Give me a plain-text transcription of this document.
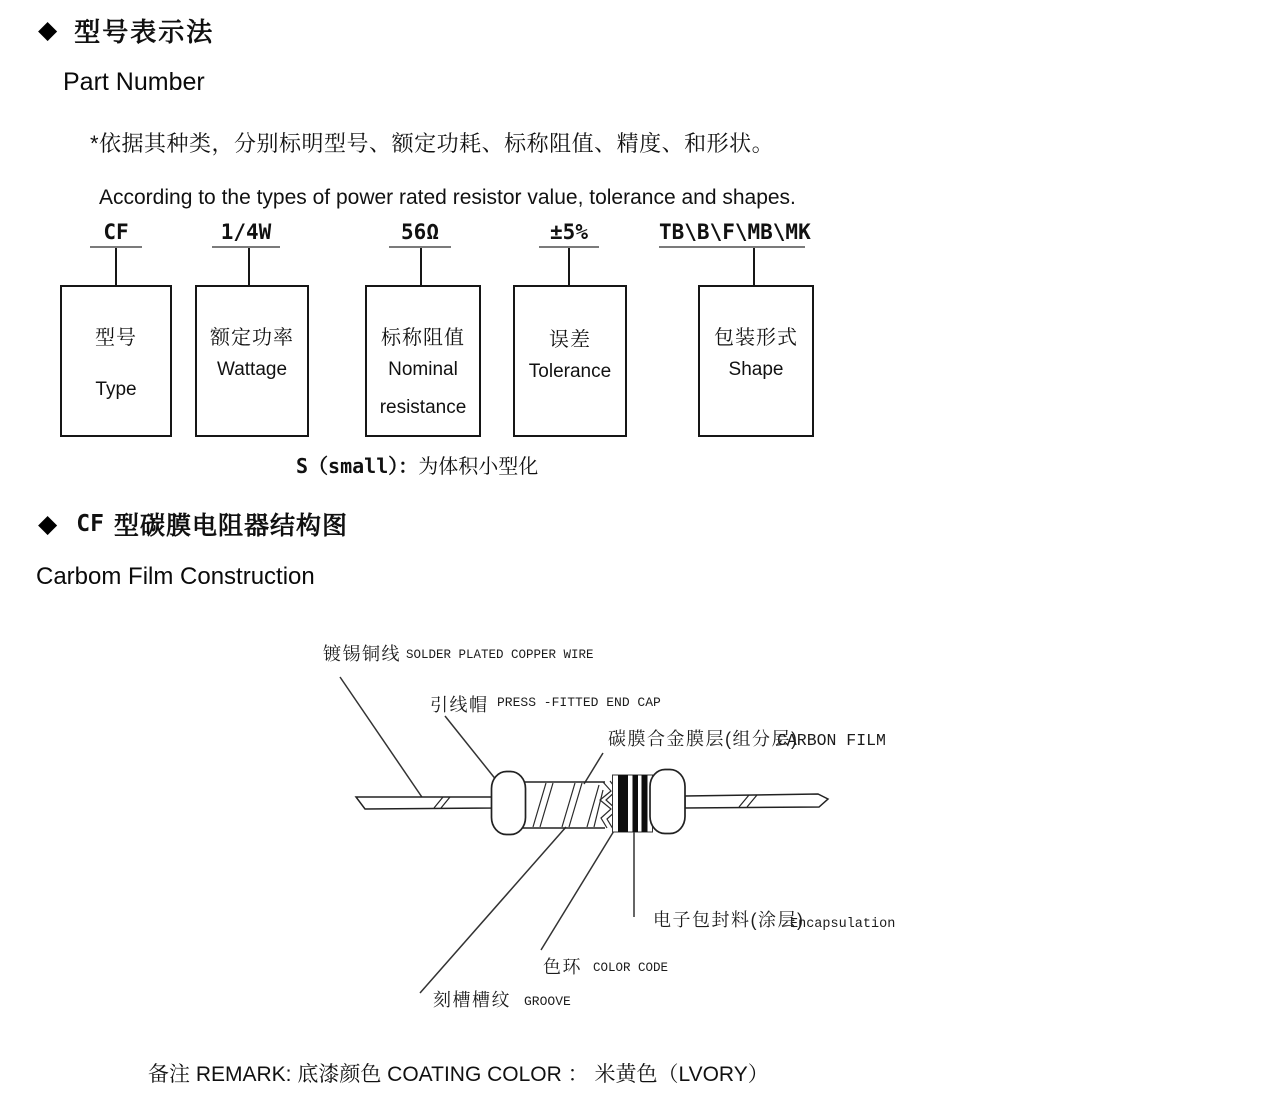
◆ 型号表示法
Part Number
*依据其种类，分别标明型号、额定功耗、标称阻值、精度、和形状。
According to the types of power rated resistor value, tolerance and shapes.
CF	1/4W	56Ω	±5%	TB\B\F\MB\MK
型号
Type
额定功率
Wattage
标称阻值
Nominal
resistance
误差
Tolerance
包装形式
Shape
S（small）：为体积小型化
◆ CF 型碳膜电阻器结构图
Carbom Film Construction
镀锡铜线 SOLDER PLATED COPPER WIRE
引线帽 PRESS -FITTED END CAP
碳膜合金膜层(组分层)
CARBON FILM
电子包封料(涂层)
Encapsulation
色环 COLOR CODE
刻槽槽纹 GROOVE
备注 REMARK: 底漆颜色 COATING COLOR ： 米黄色（LVORY）
